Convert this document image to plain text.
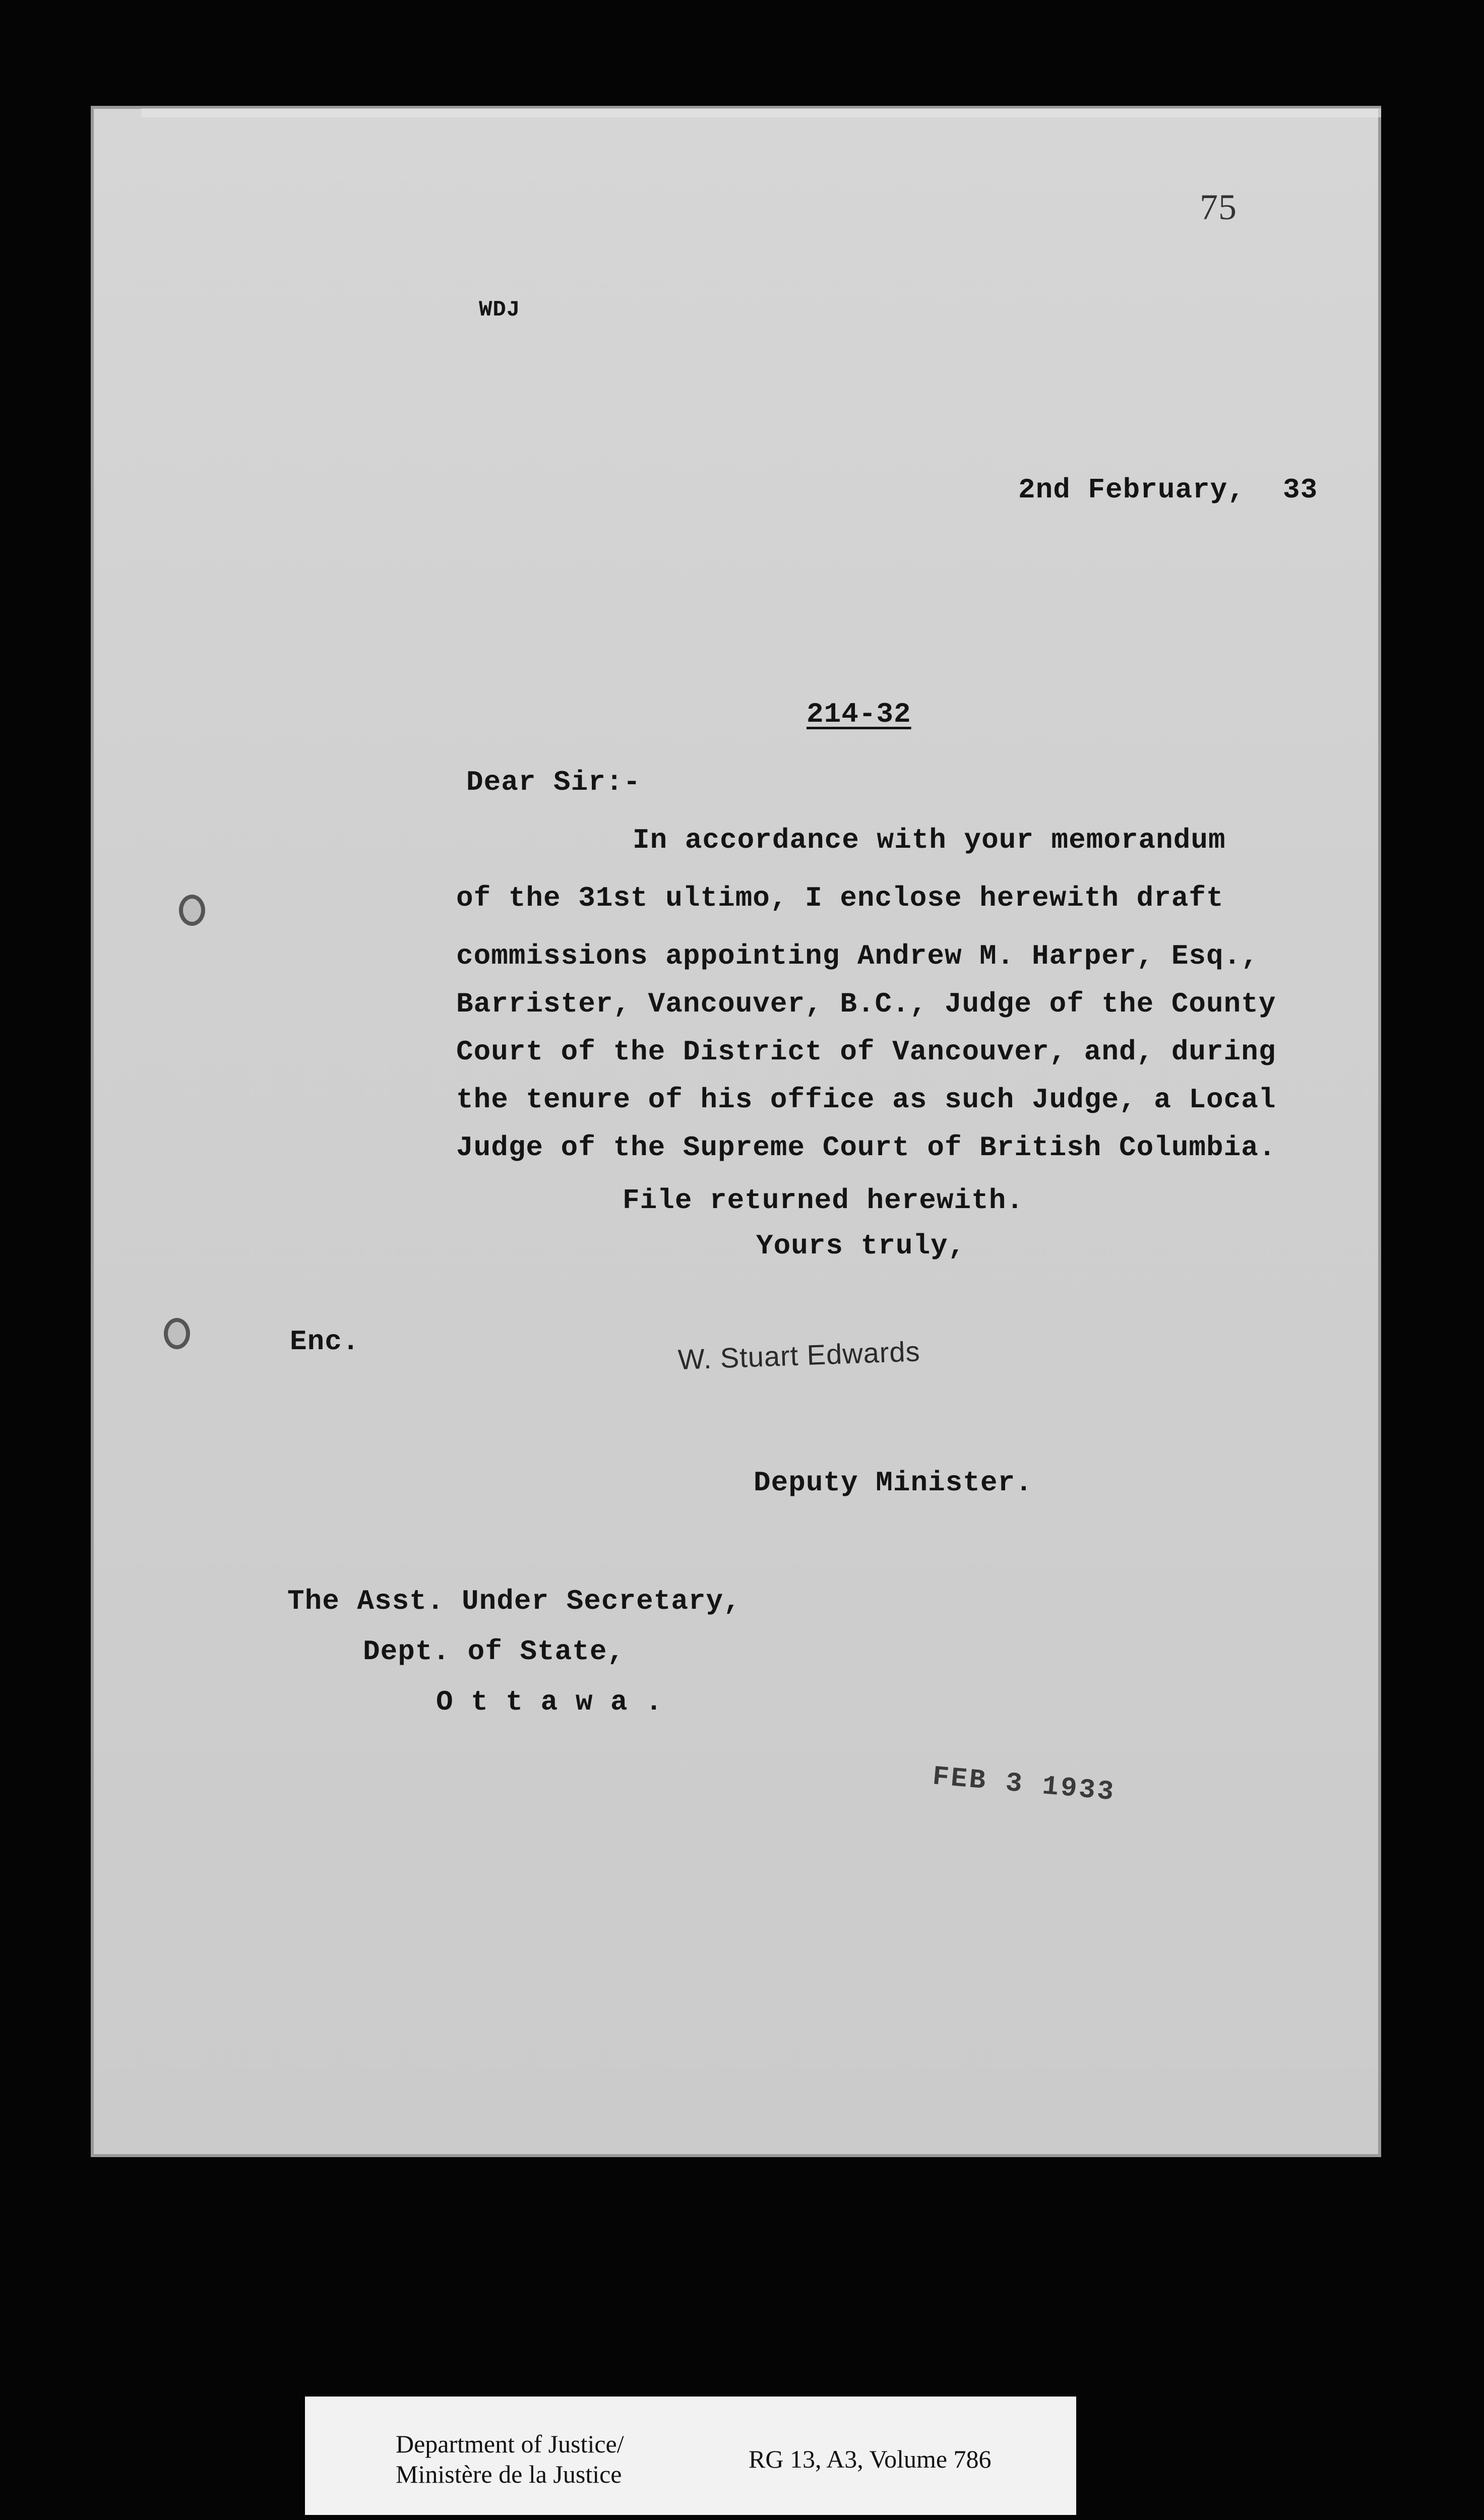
75
WDJ
2nd February, 33
214-32
Dear Sir:-
In accordance with your memorandum
of the 31st ultimo, I enclose herewith draft
commissions appointing Andrew M. Harper, Esq.,
Barrister, Vancouver, B.C., Judge of the County
Court of the District of Vancouver, and, during
the tenure of his office as such Judge, a Local
Judge of the Supreme Court of British Columbia.
File returned herewith.
Yours truly,
Enc.	W. Stuart Edwards
Deputy Minister.
The Asst. Under Secretary,
Dept. of State,
O t t a w a .
FEB 3 1933
Department of Justice/
Ministère de la Justice
RG 13, A3, Volume 786
